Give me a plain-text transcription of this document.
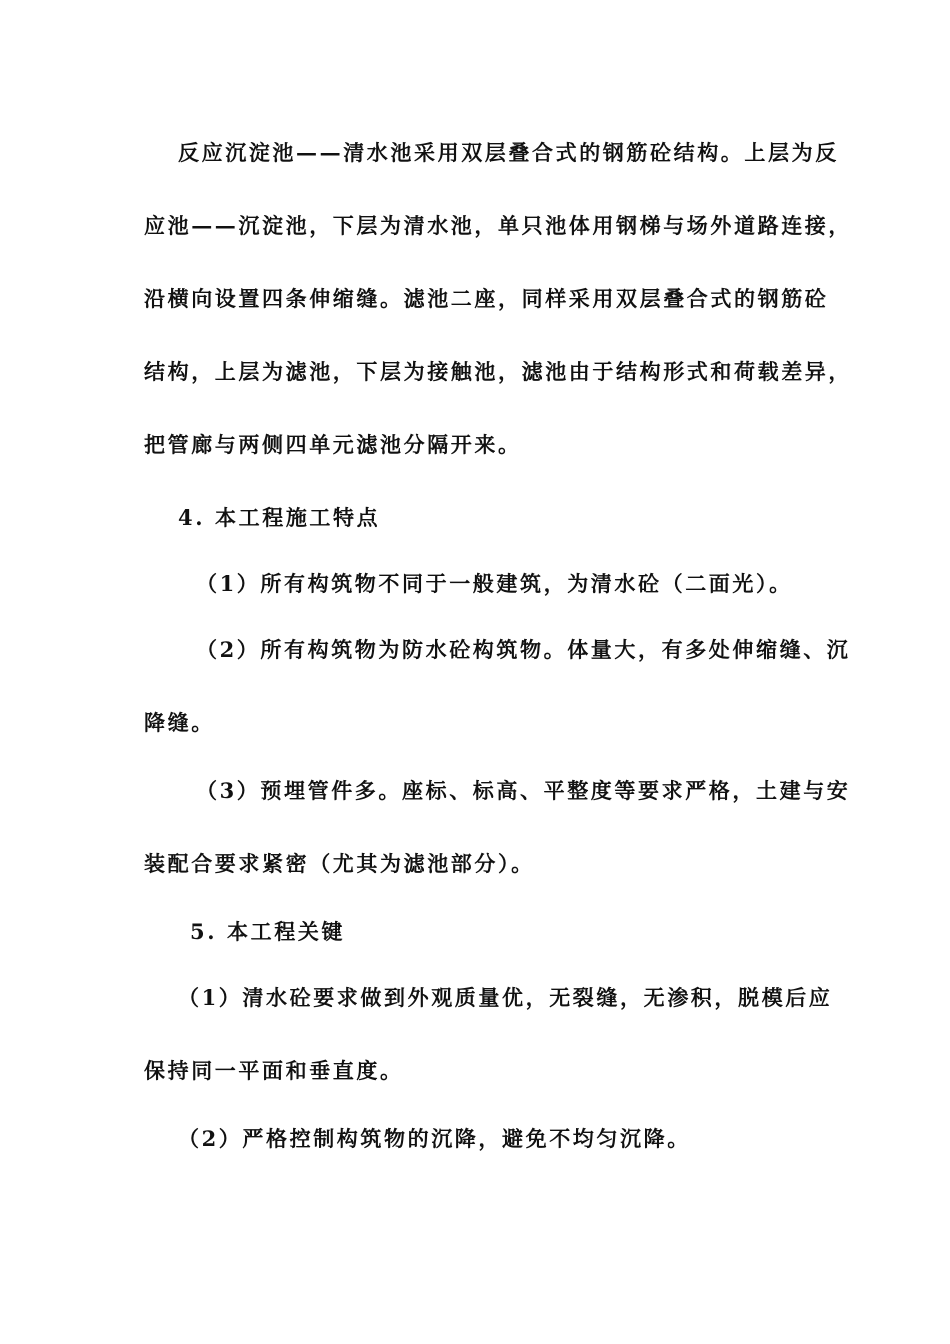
反应沉淀池——清水池采用双层叠合式的钢筋砼结构。上层为反

应池——沉淀池，下层为清水池，单只池体用钢梯与场外道路连接，

沿横向设置四条伸缩缝。滤池二座，同样采用双层叠合式的钢筋砼

结构，上层为滤池，下层为接触池，滤池由于结构形式和荷载差异，

把管廊与两侧四单元滤池分隔开来。

4. 本工程施工特点

（1）所有构筑物不同于一般建筑，为清水砼（二面光）。

（2）所有构筑物为防水砼构筑物。体量大，有多处伸缩缝、沉

降缝。

（3）预埋管件多。座标、标高、平整度等要求严格，土建与安

装配合要求紧密（尤其为滤池部分）。

5. 本工程关键

（1）清水砼要求做到外观质量优，无裂缝，无渗积，脱模后应

保持同一平面和垂直度。

（2）严格控制构筑物的沉降，避免不均匀沉降。
